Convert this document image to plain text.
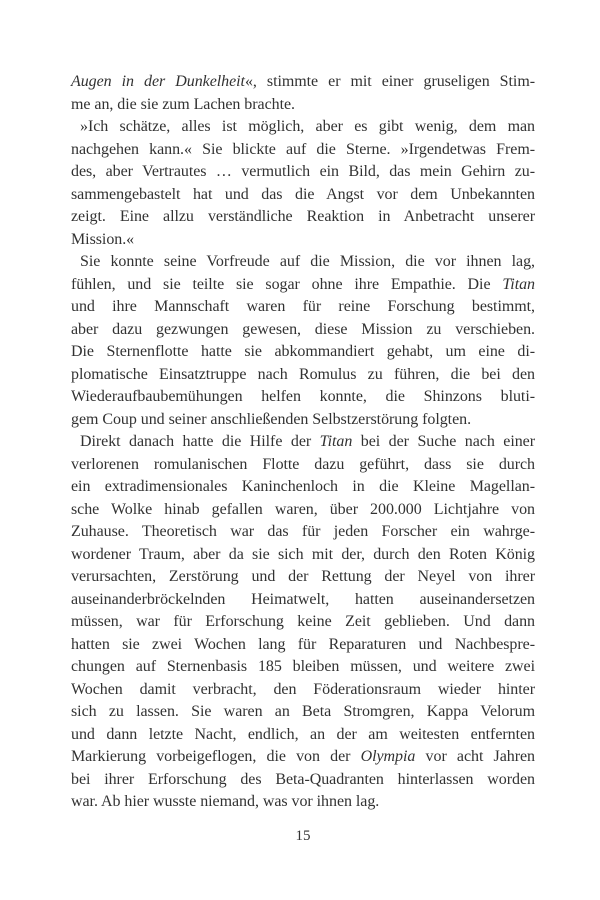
Augen in der Dunkelheit«, stimmte er mit einer gruseligen Stim-
me an, die sie zum Lachen brachte.
»Ich schätze, alles ist möglich, aber es gibt wenig, dem man
nachgehen kann.« Sie blickte auf die Sterne. »Irgendetwas Frem-
des, aber Vertrautes … vermutlich ein Bild, das mein Gehirn zu-
sammengebastelt hat und das die Angst vor dem Unbekannten
zeigt. Eine allzu verständliche Reaktion in Anbetracht unserer
Mission.«
Sie konnte seine Vorfreude auf die Mission, die vor ihnen lag,
fühlen, und sie teilte sie sogar ohne ihre Empathie. Die Titan
und ihre Mannschaft waren für reine Forschung bestimmt,
aber dazu gezwungen gewesen, diese Mission zu verschieben.
Die Sternenflotte hatte sie abkommandiert gehabt, um eine di-
plomatische Einsatztruppe nach Romulus zu führen, die bei den
Wiederaufbaubemühungen helfen konnte, die Shinzons bluti-
gem Coup und seiner anschließenden Selbstzerstörung folgten.
Direkt danach hatte die Hilfe der Titan bei der Suche nach einer
verlorenen romulanischen Flotte dazu geführt, dass sie durch
ein extradimensionales Kaninchenloch in die Kleine Magellan-
sche Wolke hinab gefallen waren, über 200.000 Lichtjahre von
Zuhause. Theoretisch war das für jeden Forscher ein wahrge-
wordener Traum, aber da sie sich mit der, durch den Roten König
verursachten, Zerstörung und der Rettung der Neyel von ihrer
auseinanderbröckelnden Heimatwelt, hatten auseinandersetzen
müssen, war für Erforschung keine Zeit geblieben. Und dann
hatten sie zwei Wochen lang für Reparaturen und Nachbespre-
chungen auf Sternenbasis 185 bleiben müssen, und weitere zwei
Wochen damit verbracht, den Föderationsraum wieder hinter
sich zu lassen. Sie waren an Beta Stromgren, Kappa Velorum
und dann letzte Nacht, endlich, an der am weitesten entfernten
Markierung vorbeigeflogen, die von der Olympia vor acht Jahren
bei ihrer Erforschung des Beta-Quadranten hinterlassen worden
war. Ab hier wusste niemand, was vor ihnen lag.
15
